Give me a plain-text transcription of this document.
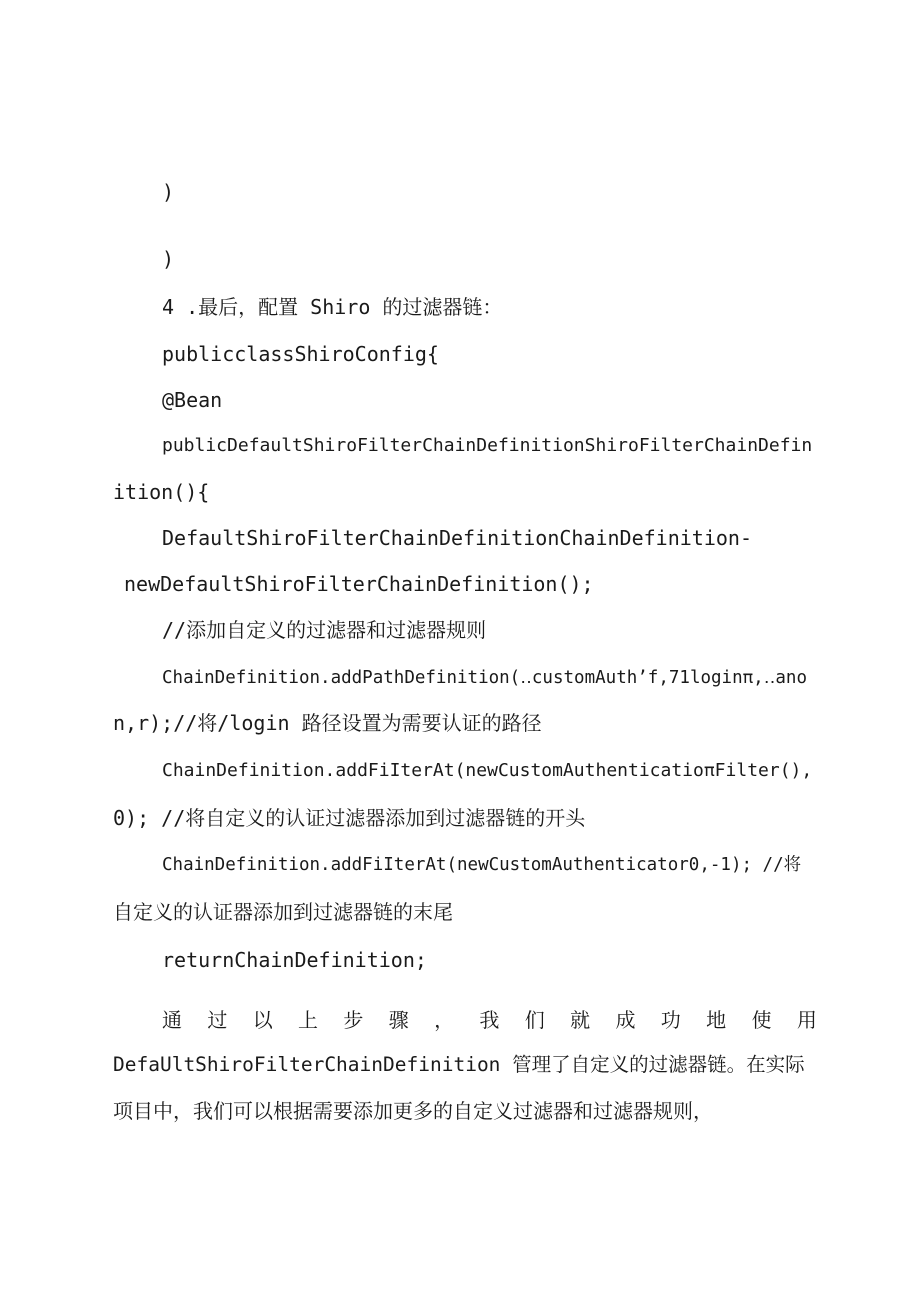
)

)

4 .最后，配置 Shiro 的过滤器链：

publicclassShiroConfig{

@Bean

publicDefaultShiroFilterChainDefinitionShiroFilterChainDefin

ition(){

DefaultShiroFilterChainDefinitionChainDefinition-

newDefaultShiroFilterChainDefinition();

//添加自定义的过滤器和过滤器规则

ChainDefinition.addPathDefinition(‥customAuth’f,71loginπ,‥ano

n,r);//将/login 路径设置为需要认证的路径

ChainDefinition.addFiIterAt(newCustomAuthenticatioπFilter(),

0); //将自定义的认证过滤器添加到过滤器链的开头

ChainDefinition.addFiIterAt(newCustomAuthenticator0,-1); //将

自定义的认证器添加到过滤器链的末尾

returnChainDefinition;

通 过 以 上 步 骤 ， 我 们 就 成 功 地 使 用

DefaUltShiroFilterChainDefinition 管理了自定义的过滤器链。在实际

项目中，我们可以根据需要添加更多的自定义过滤器和过滤器规则，
